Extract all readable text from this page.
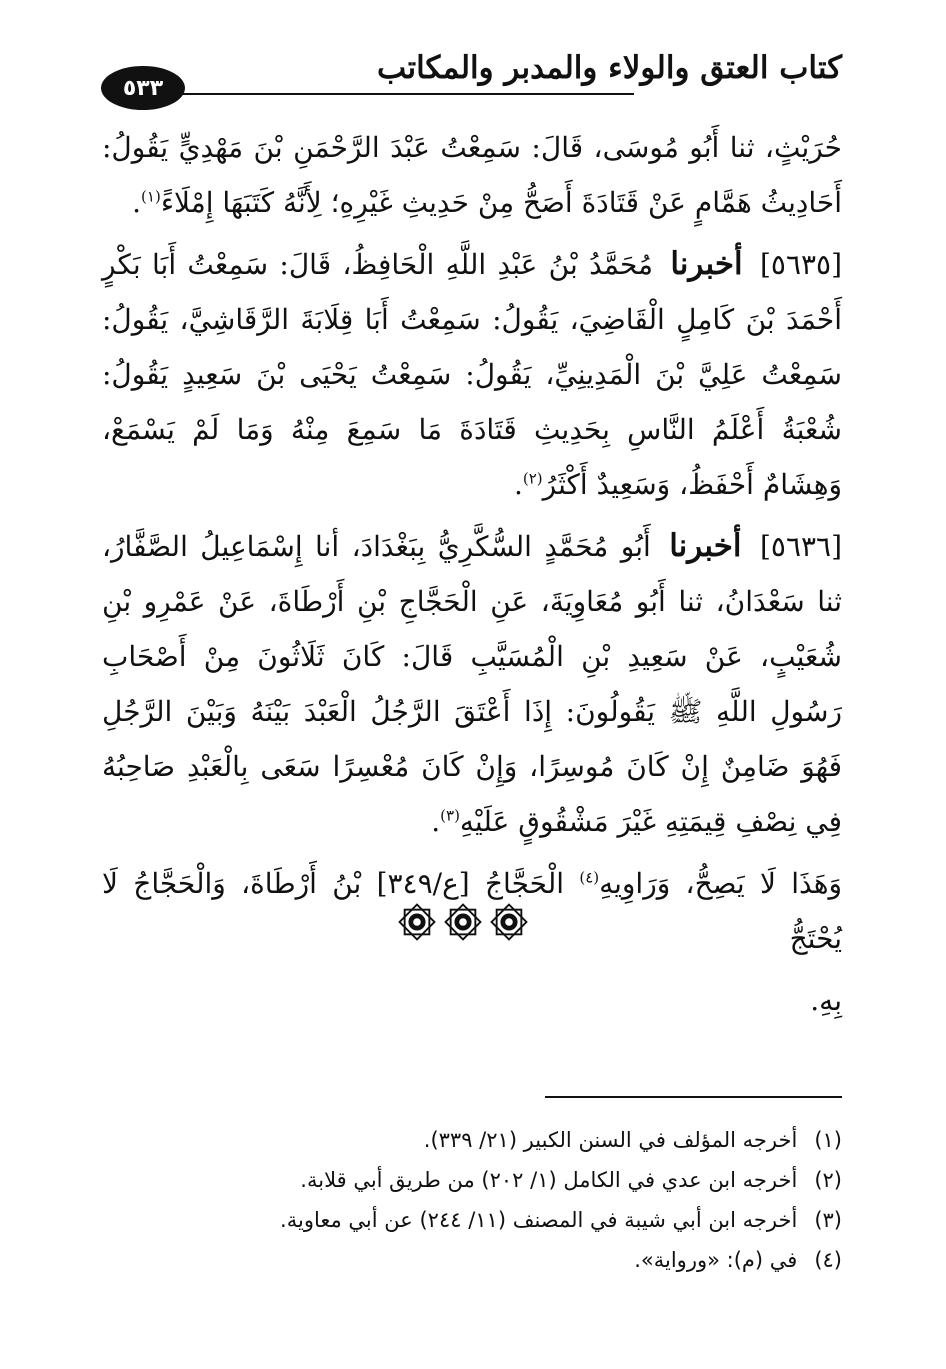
كتاب العتق والولاء والمدبر والمكاتب
٥٣٣

حُرَيْثٍ، ثنا أَبُو مُوسَى، قَالَ: سَمِعْتُ عَبْدَ الرَّحْمَنِ بْنَ مَهْدِيٍّ يَقُولُ: أَحَادِيثُ هَمَّامٍ عَنْ قَتَادَةَ أَصَحُّ مِنْ حَدِيثِ غَيْرِهِ؛ لِأَنَّهُ كَتَبَهَا إِمْلَاءً$^{(١)}$.

[٥٦٣٥] أخبرنا مُحَمَّدُ بْنُ عَبْدِ اللَّهِ الْحَافِظُ، قَالَ: سَمِعْتُ أَبَا بَكْرٍ أَحْمَدَ بْنَ كَامِلٍ الْقَاضِيَ، يَقُولُ: سَمِعْتُ أَبَا قِلَابَةَ الرَّقَاشِيَّ، يَقُولُ: سَمِعْتُ عَلِيَّ بْنَ الْمَدِينِيِّ، يَقُولُ: سَمِعْتُ يَحْيَى بْنَ سَعِيدٍ يَقُولُ: شُعْبَةُ أَعْلَمُ النَّاسِ بِحَدِيثِ قَتَادَةَ مَا سَمِعَ مِنْهُ وَمَا لَمْ يَسْمَعْ، وَهِشَامٌ أَحْفَظُ، وَسَعِيدٌ أَكْثَرُ$^{(٢)}$.

[٥٦٣٦] أخبرنا أَبُو مُحَمَّدٍ السُّكَّرِيُّ بِبَغْدَادَ، أنا إِسْمَاعِيلُ الصَّفَّارُ، ثنا سَعْدَانُ، ثنا أَبُو مُعَاوِيَةَ، عَنِ الْحَجَّاجِ بْنِ أَرْطَاةَ، عَنْ عَمْرِو بْنِ شُعَيْبٍ، عَنْ سَعِيدِ بْنِ الْمُسَيَّبِ قَالَ: كَانَ ثَلَاثُونَ مِنْ أَصْحَابِ رَسُولِ اللَّهِ ﷺ يَقُولُونَ: إِذَا أَعْتَقَ الرَّجُلُ الْعَبْدَ بَيْنَهُ وَبَيْنَ الرَّجُلِ فَهُوَ ضَامِنٌ إِنْ كَانَ مُوسِرًا، وَإِنْ كَانَ مُعْسِرًا سَعَى بِالْعَبْدِ صَاحِبُهُ فِي نِصْفِ قِيمَتِهِ غَيْرَ مَشْقُوقٍ عَلَيْهِ$^{(٣)}$.

وَهَذَا لَا يَصِحُّ، وَرَاوِيهِ$^{(٤)}$ الْحَجَّاجُ [ع/٣٤٩] بْنُ أَرْطَاةَ، وَالْحَجَّاجُ لَا يُحْتَجُّ

بِهِ.

(١) أخرجه المؤلف في السنن الكبير (٢١/ ٣٣٩).
(٢) أخرجه ابن عدي في الكامل (١/ ٢٠٢) من طريق أبي قلابة.
(٣) أخرجه ابن أبي شيبة في المصنف (١١/ ٢٤٤) عن أبي معاوية.
(٤) في (م): «ورواية».
